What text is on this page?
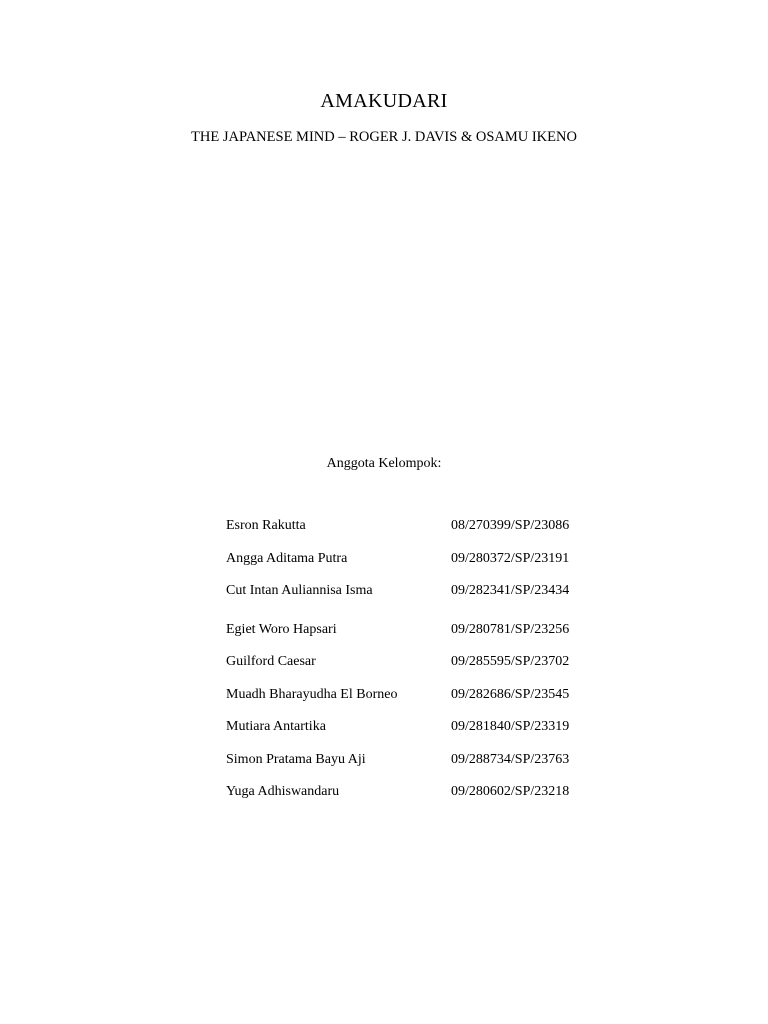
AMAKUDARI
THE JAPANESE MIND – ROGER J. DAVIS & OSAMU IKENO
Anggota Kelompok:
Esron Rakutta	08/270399/SP/23086
Angga Aditama Putra	09/280372/SP/23191
Cut Intan Auliannisa Isma	09/282341/SP/23434
Egiet Woro Hapsari	09/280781/SP/23256
Guilford Caesar	09/285595/SP/23702
Muadh Bharayudha El Borneo	09/282686/SP/23545
Mutiara Antartika	09/281840/SP/23319
Simon Pratama Bayu Aji	09/288734/SP/23763
Yuga Adhiswandaru	09/280602/SP/23218
